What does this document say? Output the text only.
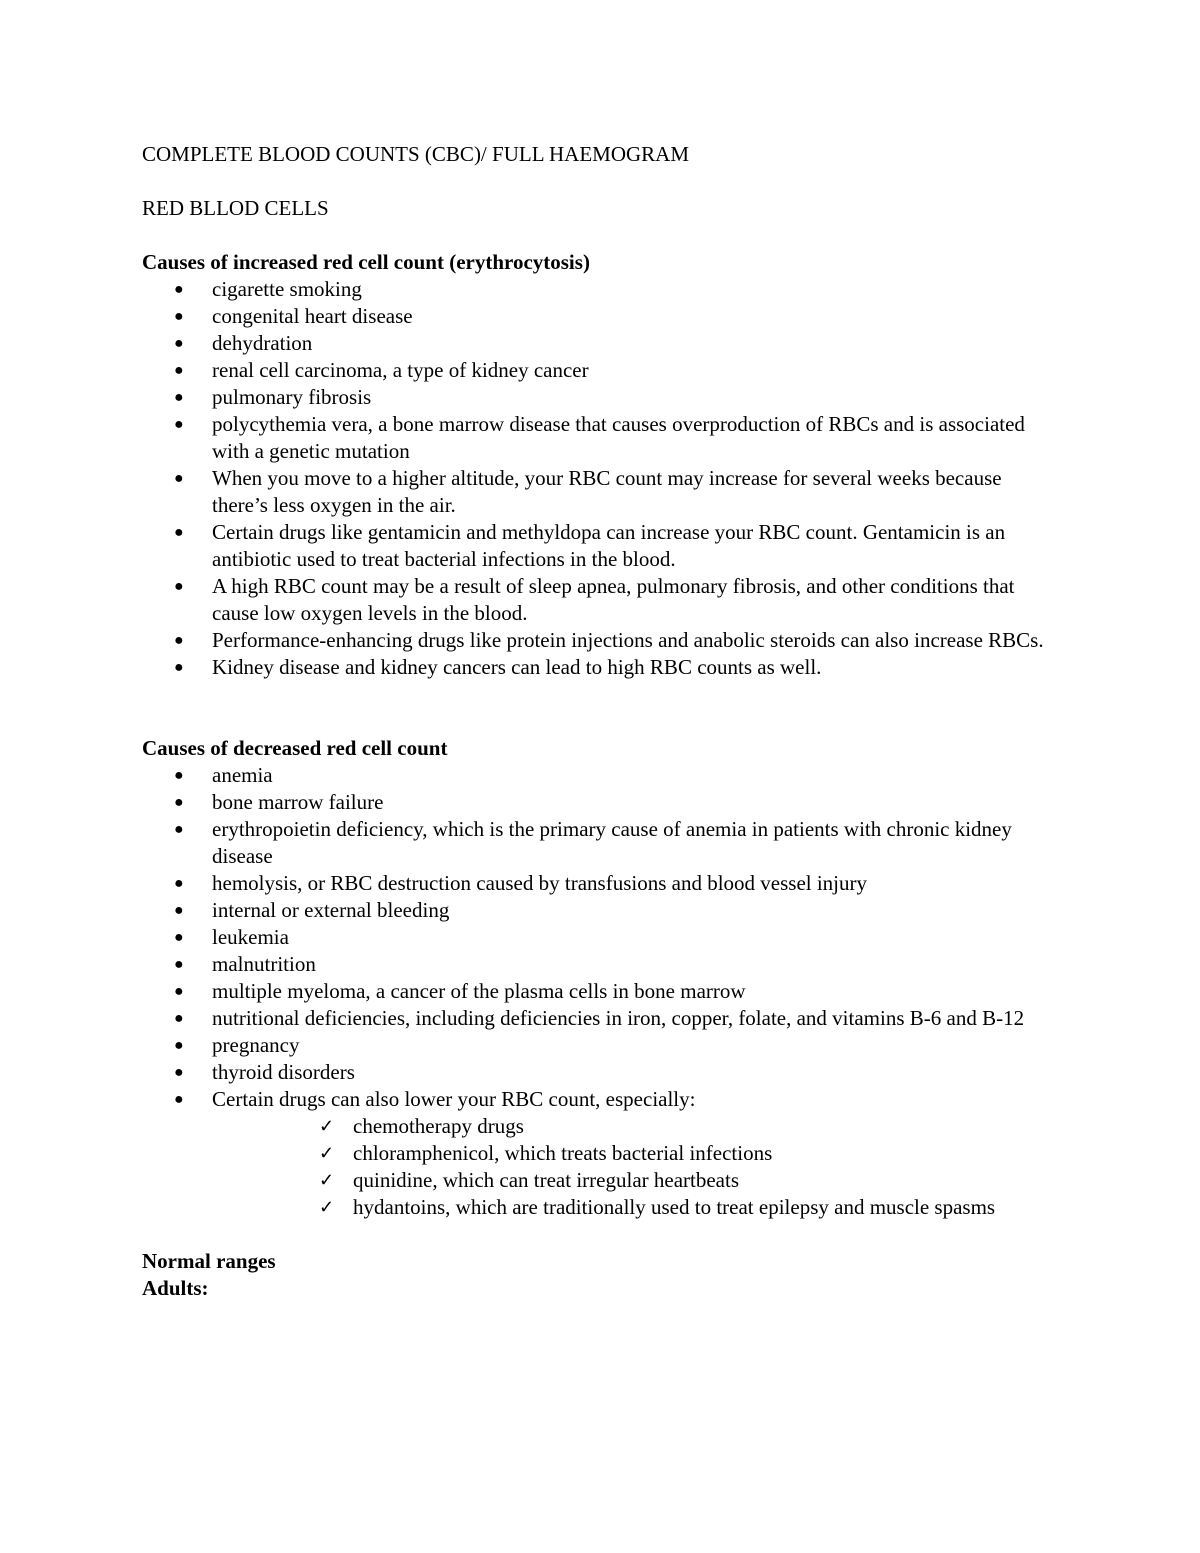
COMPLETE BLOOD COUNTS (CBC)/ FULL HAEMOGRAM
RED BLLOD CELLS
Causes of increased red cell count (erythrocytosis)
●	cigarette smoking
●	congenital heart disease
●	dehydration
●	renal cell carcinoma, a type of kidney cancer
●	pulmonary fibrosis
●	polycythemia vera, a bone marrow disease that causes overproduction of RBCs and is associated with a genetic mutation
●	When you move to a higher altitude, your RBC count may increase for several weeks because there’s less oxygen in the air.
●	Certain drugs like gentamicin and methyldopa can increase your RBC count. Gentamicin is an antibiotic used to treat bacterial infections in the blood.
●	A high RBC count may be a result of sleep apnea, pulmonary fibrosis, and other conditions that cause low oxygen levels in the blood.
●	Performance-enhancing drugs like protein injections and anabolic steroids can also increase RBCs.
●	Kidney disease and kidney cancers can lead to high RBC counts as well.
Causes of decreased red cell count
●	anemia
●	bone marrow failure
●	erythropoietin deficiency, which is the primary cause of anemia in patients with chronic kidney disease
●	hemolysis, or RBC destruction caused by transfusions and blood vessel injury
●	internal or external bleeding
●	leukemia
●	malnutrition
●	multiple myeloma, a cancer of the plasma cells in bone marrow
●	nutritional deficiencies, including deficiencies in iron, copper, folate, and vitamins B-6 and B-12
●	pregnancy
●	thyroid disorders
●	Certain drugs can also lower your RBC count, especially:
✓ chemotherapy drugs
✓ chloramphenicol, which treats bacterial infections
✓ quinidine, which can treat irregular heartbeats
✓ hydantoins, which are traditionally used to treat epilepsy and muscle spasms
Normal ranges
Adults:
